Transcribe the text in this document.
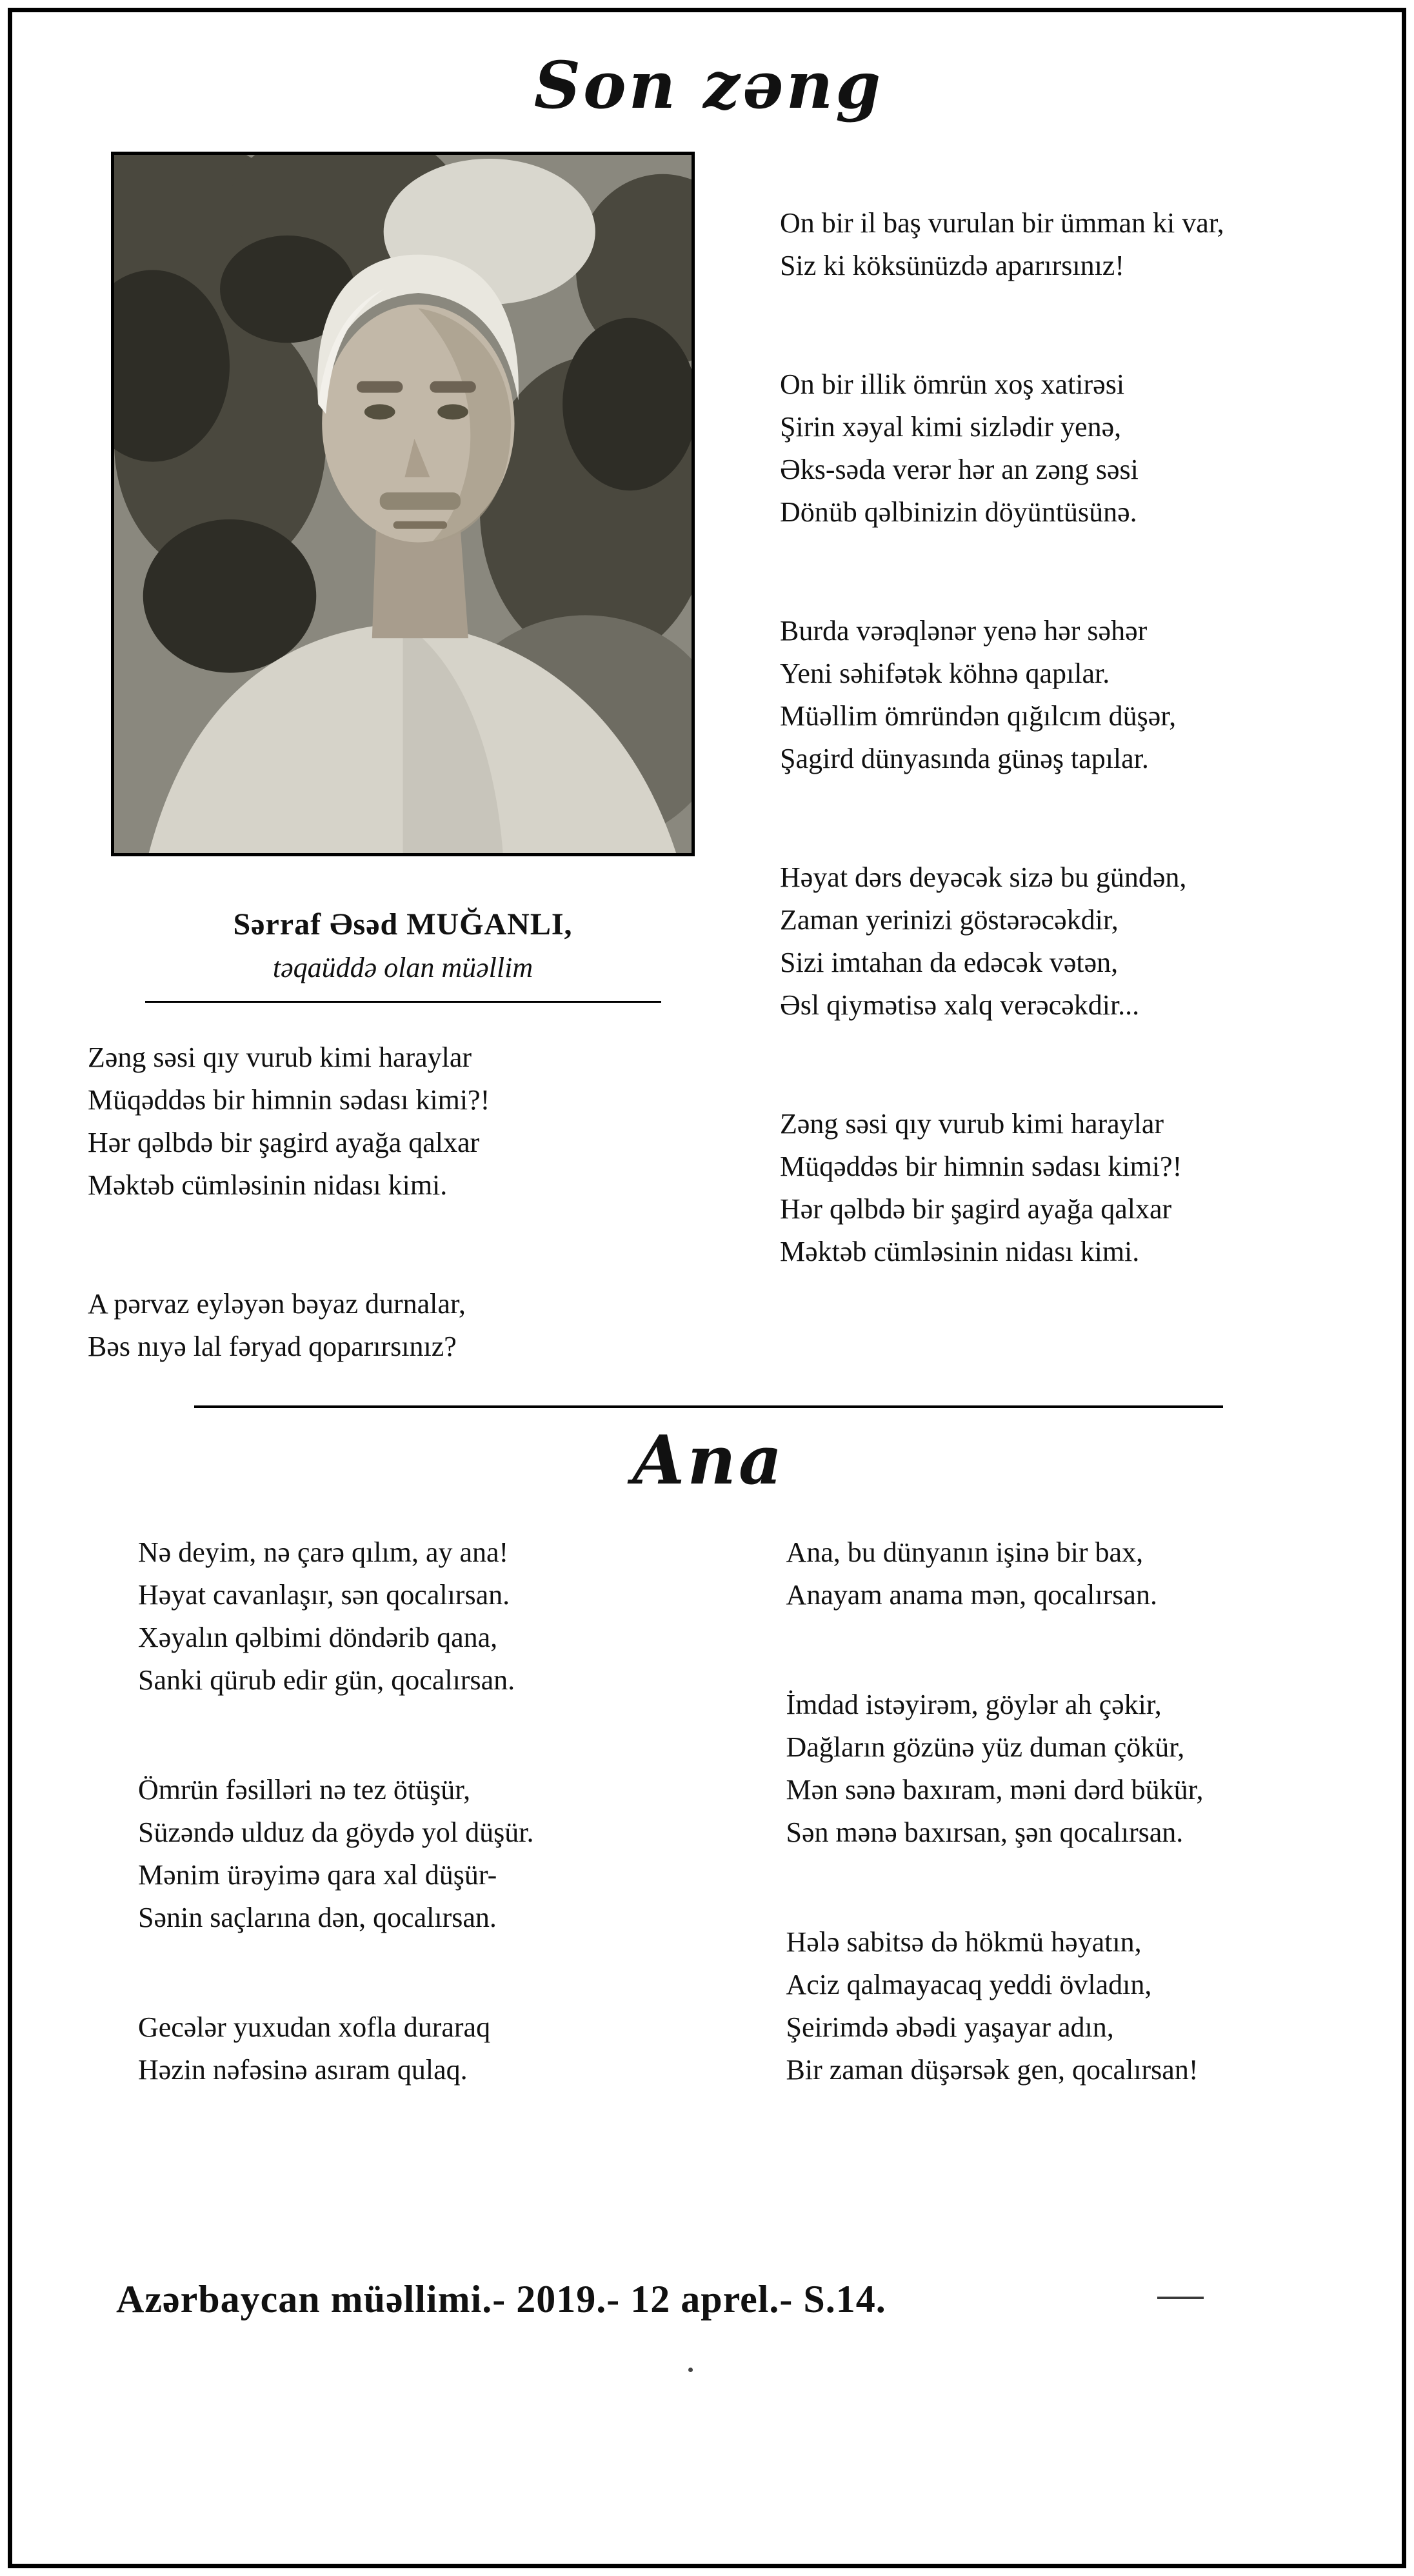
Son zəng
Sərraf Əsəd MUĞANLI,
təqaüddə olan müəllim
Zəng səsi qıy vurub kimi haraylar
Müqəddəs bir himnin sədası kimi?!
Hər qəlbdə bir şagird ayağa qalxar
Məktəb cümləsinin nidası kimi.
A pərvaz eyləyən bəyaz durnalar,
Bəs nıyə lal fəryad qoparırsınız?
On bir il baş vurulan bir ümman ki var,
Siz ki köksünüzdə aparırsınız!
On bir illik ömrün xoş xatirəsi
Şirin xəyal kimi sizlədir yenə,
Əks-səda verər hər an zəng səsi
Dönüb qəlbinizin döyüntüsünə.
Burda vərəqlənər yenə hər səhər
Yeni səhifətək köhnə qapılar.
Müəllim ömründən qığılcım düşər,
Şagird dünyasında günəş tapılar.
Həyat dərs deyəcək sizə bu gündən,
Zaman yerinizi göstərəcəkdir,
Sizi imtahan da edəcək vətən,
Əsl qiymətisə xalq verəcəkdir...
Zəng səsi qıy vurub kimi haraylar
Müqəddəs bir himnin sədası kimi?!
Hər qəlbdə bir şagird ayağa qalxar
Məktəb cümləsinin nidası kimi.
Ana
Nə deyim, nə çarə qılım, ay ana!
Həyat cavanlaşır, sən qocalırsan.
Xəyalın qəlbimi döndərib qana,
Sanki qürub edir gün, qocalırsan.
Ömrün fəsilləri nə tez ötüşür,
Süzəndə ulduz da göydə yol düşür.
Mənim ürəyimə qara xal düşür-
Sənin saçlarına dən, qocalırsan.
Gecələr yuxudan xofla duraraq
Həzin nəfəsinə asıram qulaq.
Ana, bu dünyanın işinə bir bax,
Anayam anama mən, qocalırsan.
İmdad istəyirəm, göylər ah çəkir,
Dağların gözünə yüz duman çökür,
Mən sənə baxıram, məni dərd bükür,
Sən mənə baxırsan, şən qocalırsan.
Hələ sabitsə də hökmü həyatın,
Aciz qalmayacaq yeddi övladın,
Şeirimdə əbədi yaşayar adın,
Bir zaman düşərsək gen, qocalırsan!
Azərbaycan müəllimi.- 2019.- 12 aprel.- S.14.
